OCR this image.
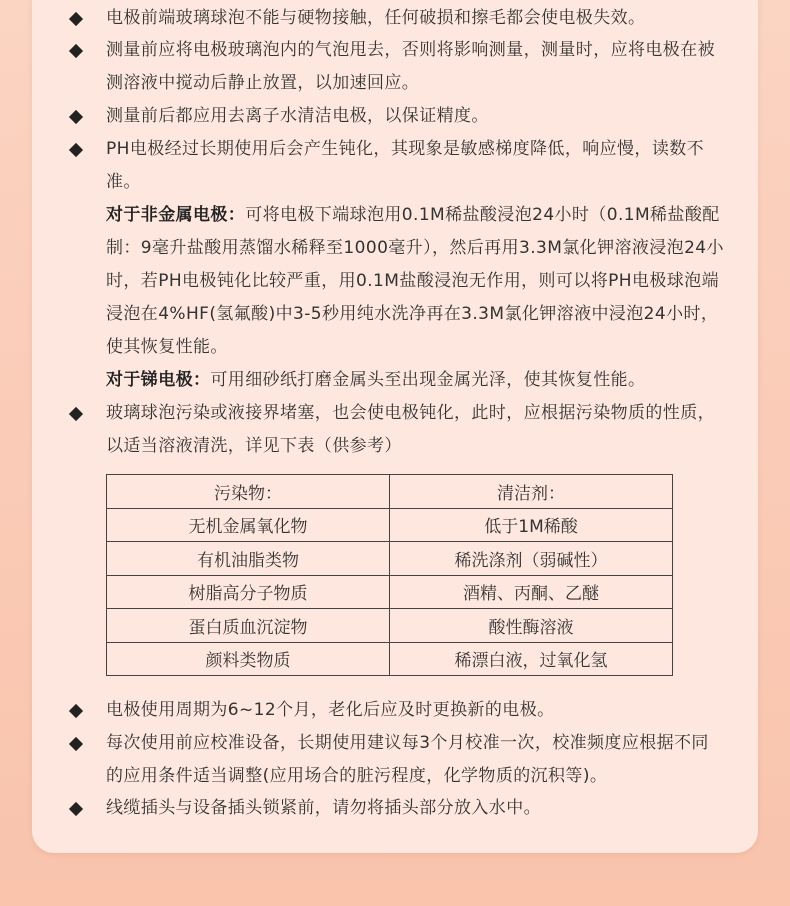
电极前端玻璃球泡不能与硬物接触，任何破损和擦毛都会使电极失效。
测量前应将电极玻璃泡内的气泡甩去，否则将影响测量，测量时，应将电极在被测溶液中搅动后静止放置，以加速回应。
测量前后都应用去离子水清洁电极，以保证精度。
PH电极经过长期使用后会产生钝化，其现象是敏感梯度降低，响应慢，读数不准。
对于非金属电极：可将电极下端球泡用0.1M稀盐酸浸泡24小时（0.1M稀盐酸配制：9毫升盐酸用蒸馏水稀释至1000毫升），然后再用3.3M氯化钾溶液浸泡24小时，若PH电极钝化比较严重，用0.1M盐酸浸泡无作用，则可以将PH电极球泡端浸泡在4%HF(氢氟酸)中3-5秒用纯水洗净再在3.3M氯化钾溶液中浸泡24小时，使其恢复性能。
对于锑电极：可用细砂纸打磨金属头至出现金属光泽，使其恢复性能。
玻璃球泡污染或液接界堵塞，也会使电极钝化，此时，应根据污染物质的性质，以适当溶液清洗，详见下表（供参考）
污染物：	清洁剂：
无机金属氧化物	低于1M稀酸
有机油脂类物	稀洗涤剂（弱碱性）
树脂高分子物质	酒精、丙酮、乙醚
蛋白质血沉淀物	酸性酶溶液
颜料类物质	稀漂白液，过氧化氢
电极使用周期为6~12个月，老化后应及时更换新的电极。
每次使用前应校准设备，长期使用建议每3个月校准一次，校准频度应根据不同的应用条件适当调整(应用场合的脏污程度，化学物质的沉积等)。
线缆插头与设备插头锁紧前，请勿将插头部分放入水中。
